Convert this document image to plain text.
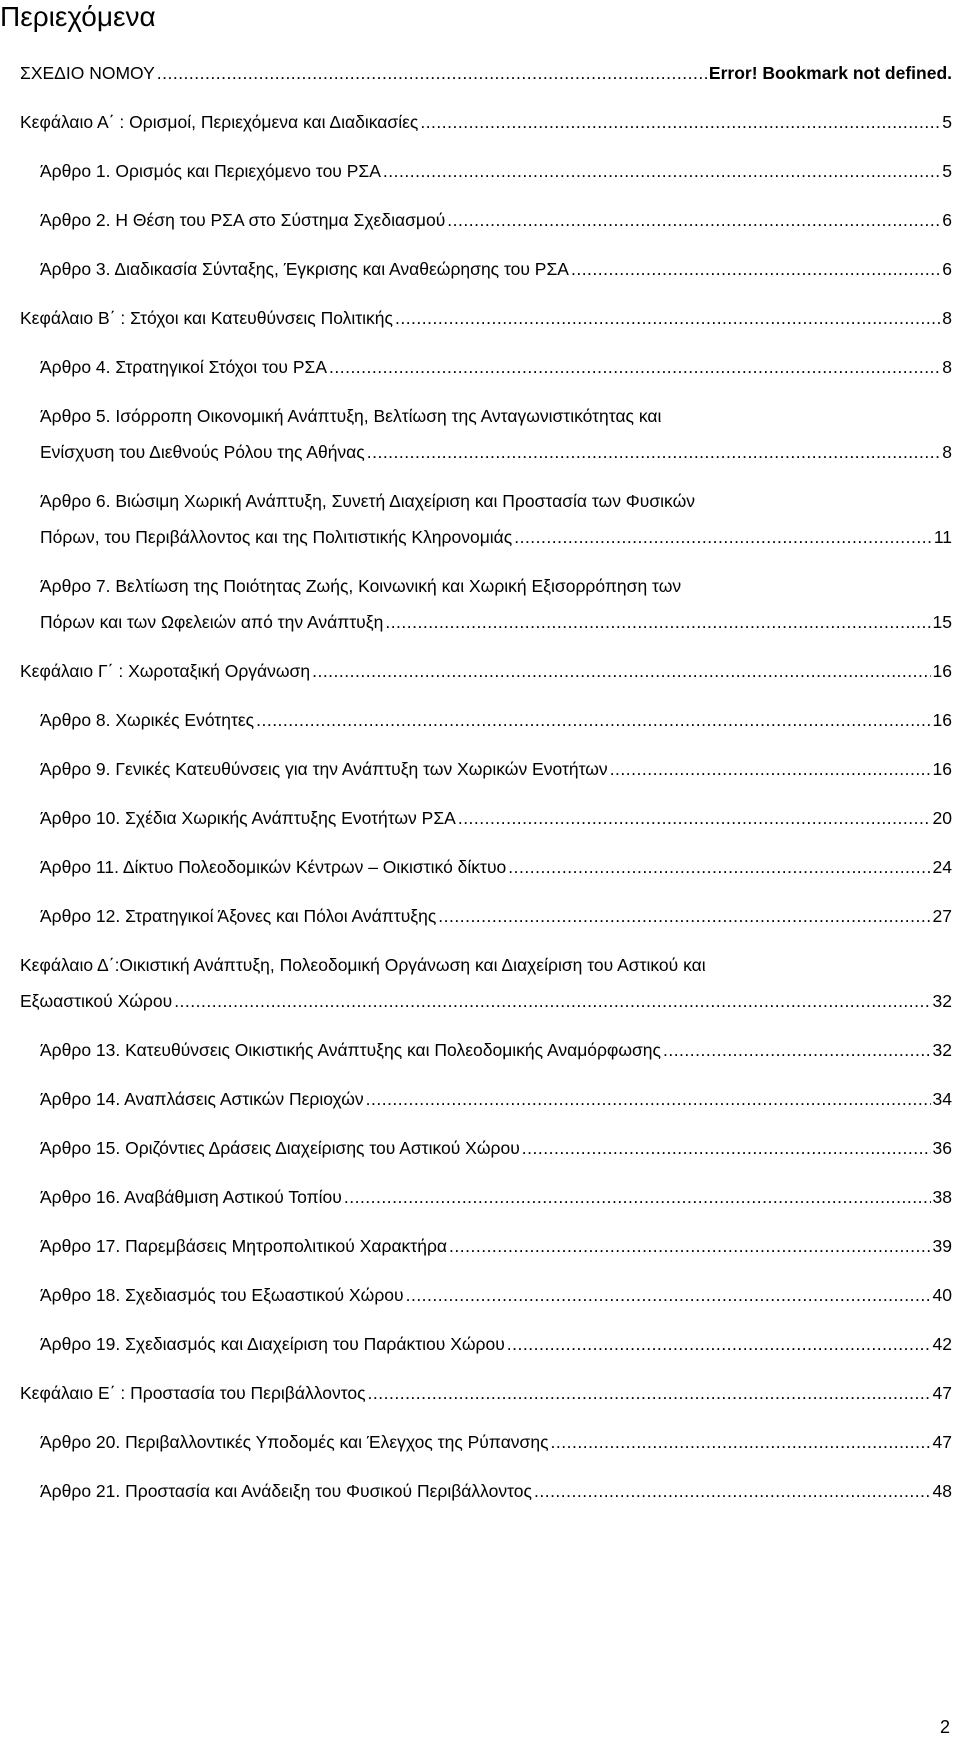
Περιεχόμενα
ΣΧΕΔΙΟ ΝΟΜΟΥ .....	Error! Bookmark not defined.
Κεφάλαιο Α΄ : Ορισμοί, Περιεχόμενα και Διαδικασίες .....	5
Άρθρο 1. Ορισμός και Περιεχόμενο του ΡΣΑ .....	5
Άρθρο 2. Η Θέση του ΡΣΑ στο Σύστημα Σχεδιασμού .....	6
Άρθρο 3. Διαδικασία Σύνταξης, Έγκρισης και Αναθεώρησης του ΡΣΑ .....	6
Κεφάλαιο Β΄ : Στόχοι και Κατευθύνσεις Πολιτικής .....	8
Άρθρο 4. Στρατηγικοί Στόχοι του ΡΣΑ .....	8
Άρθρο 5. Ισόρροπη Οικονομική Ανάπτυξη, Βελτίωση της Ανταγωνιστικότητας και
Ενίσχυση του Διεθνούς Ρόλου της Αθήνας .....	8
Άρθρο 6. Βιώσιμη Χωρική Ανάπτυξη, Συνετή Διαχείριση και Προστασία των Φυσικών
Πόρων, του Περιβάλλοντος και της Πολιτιστικής Κληρονομιάς .....	11
Άρθρο 7. Βελτίωση της Ποιότητας Ζωής, Κοινωνική και Χωρική Εξισορρόπηση των
Πόρων και των Ωφελειών από την Ανάπτυξη .....	15
Κεφάλαιο Γ΄ : Χωροταξική Οργάνωση .....	16
Άρθρο 8. Χωρικές Ενότητες .....	16
Άρθρο 9. Γενικές Κατευθύνσεις για την Ανάπτυξη των Χωρικών Ενοτήτων .....	16
Άρθρο 10. Σχέδια Χωρικής Ανάπτυξης Ενοτήτων ΡΣΑ .....	20
Άρθρο 11. Δίκτυο Πολεοδομικών Κέντρων – Οικιστικό δίκτυο .....	24
Άρθρο 12. Στρατηγικοί Άξονες και Πόλοι Ανάπτυξης .....	27
Κεφάλαιο Δ΄:Οικιστική Ανάπτυξη, Πολεοδομική Οργάνωση και Διαχείριση του Αστικού και
Εξωαστικού Χώρου .....	32
Άρθρο 13. Κατευθύνσεις Οικιστικής Ανάπτυξης και Πολεοδομικής Αναμόρφωσης .....	32
Άρθρο 14. Αναπλάσεις Αστικών Περιοχών .....	34
Άρθρο 15. Οριζόντιες Δράσεις Διαχείρισης του Αστικού Χώρου .....	36
Άρθρο 16. Αναβάθμιση Αστικού Τοπίου .....	38
Άρθρο 17. Παρεμβάσεις Μητροπολιτικού Χαρακτήρα .....	39
Άρθρο 18. Σχεδιασμός του Εξωαστικού Χώρου .....	40
Άρθρο 19. Σχεδιασμός και Διαχείριση του Παράκτιου Χώρου .....	42
Κεφάλαιο Ε΄ : Προστασία του Περιβάλλοντος .....	47
Άρθρο 20. Περιβαλλοντικές Υποδομές και Έλεγχος της Ρύπανσης .....	47
Άρθρο 21. Προστασία και Ανάδειξη του Φυσικού Περιβάλλοντος .....	48
2
